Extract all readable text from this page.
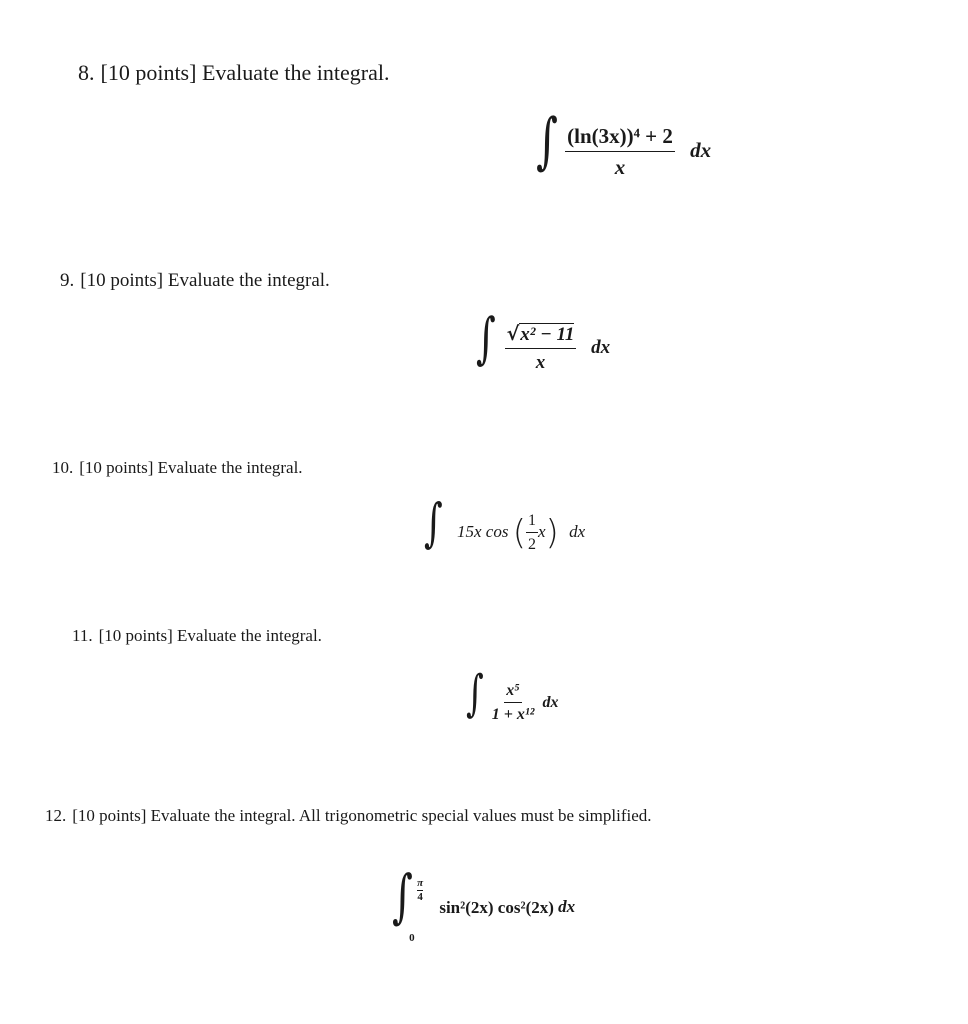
8. [10 points] Evaluate the integral.
∫ $\frac{\text{(ln(3x))⁴ + 2}}{x}$ dx
9. [10 points] Evaluate the integral.
∫ $\frac{\text{√x² − 11}}{x}$ dx
10. [10 points] Evaluate the integral.
∫ 15x cos ( $\frac{1}{2} x$) dx
11. [10 points] Evaluate the integral.
∫ $\frac{\text{x⁵}}{\text{1 + x¹²}}$ dx
12. [10 points] Evaluate the integral. All trigonometric special values must be simplified.
∫ π
4
0
sin²(2x) cos²(2x) dx
